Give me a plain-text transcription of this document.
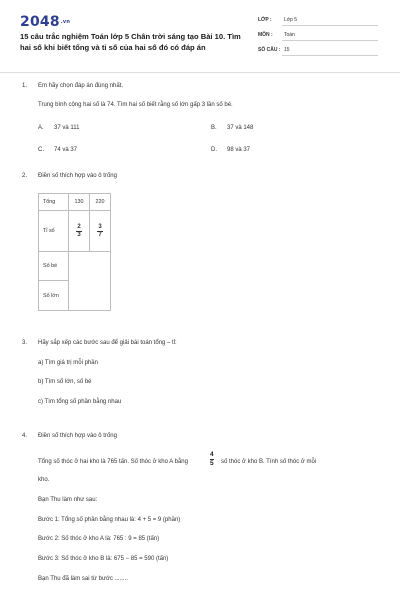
2048.vn
15 câu trắc nghiệm Toán lớp 5 Chân trời sáng tạo Bài 10. Tìm hai số khi biết tổng và tỉ số của hai số đó có đáp án
LỚP : Lớp 5
MÔN : Toán
SỐ CÂU : 15
1. Em hãy chọn đáp án đúng nhất.
Trung bình cộng hai số là 74. Tìm hai số biết rằng số lớn gấp 3 lần số bé.
A. 37 và 111	B. 37 và 148
C. 74 và 37	D. 98 và 37
2. Điền số thích hợp vào ô trống
Tổng	130	220
Tỉ số	$\frac{2}{3}$	$\frac{3}{7}$

Số bé		
Số lớn		
3. Hãy sắp xếp các bước sau để giải bài toán tổng – tỉ:
a) Tìm giá trị mỗi phần
b) Tìm số lớn, số bé
c) Tìm tổng số phần bằng nhau
4. Điền số thích hợp vào ô trống
Tổng số thóc ở hai kho là 765 tấn. Số thóc ở kho A bằng	$\frac{4}{5}$ số thóc ở kho B. Tính số thóc ở mỗi
kho.
Bạn Thu làm như sau:
Bước 1: Tổng số phần bằng nhau là: 4 + 5 = 9 (phần)
Bước 2: Số thóc ở kho A là: 765 : 9 = 85 (tấn)
Bước 3: Số thóc ở kho B là: 675 − 85 = 590 (tấn)
Bạn Thu đã làm sai từ bước ........
